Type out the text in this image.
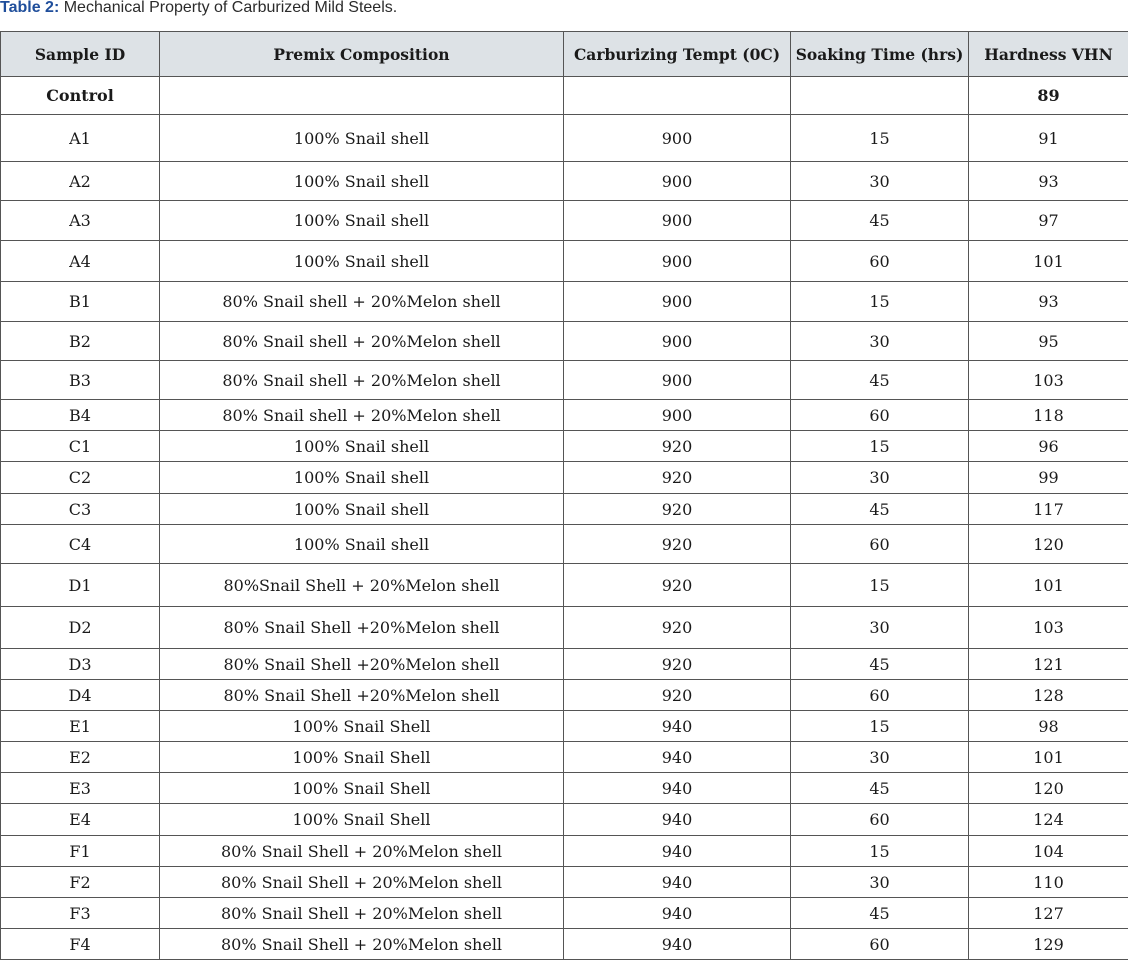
Table 2: Mechanical Property of Carburized Mild Steels.
Sample ID	Premix Composition	Carburizing Tempt (0C)	Soaking Time (hrs)	Hardness VHN
Control				89
A1	100% Snail shell	900	15	91
A2	100% Snail shell	900	30	93
A3	100% Snail shell	900	45	97
A4	100% Snail shell	900	60	101
B1	80% Snail shell + 20%Melon shell	900	15	93
B2	80% Snail shell + 20%Melon shell	900	30	95
B3	80% Snail shell + 20%Melon shell	900	45	103
B4	80% Snail shell + 20%Melon shell	900	60	118
C1	100% Snail shell	920	15	96
C2	100% Snail shell	920	30	99
C3	100% Snail shell	920	45	117
C4	100% Snail shell	920	60	120
D1	80%Snail Shell + 20%Melon shell	920	15	101
D2	80% Snail Shell +20%Melon shell	920	30	103
D3	80% Snail Shell +20%Melon shell	920	45	121
D4	80% Snail Shell +20%Melon shell	920	60	128
E1	100% Snail Shell	940	15	98
E2	100% Snail Shell	940	30	101
E3	100% Snail Shell	940	45	120
E4	100% Snail Shell	940	60	124
F1	80% Snail Shell + 20%Melon shell	940	15	104
F2	80% Snail Shell + 20%Melon shell	940	30	110
F3	80% Snail Shell + 20%Melon shell	940	45	127
F4	80% Snail Shell + 20%Melon shell	940	60	129
